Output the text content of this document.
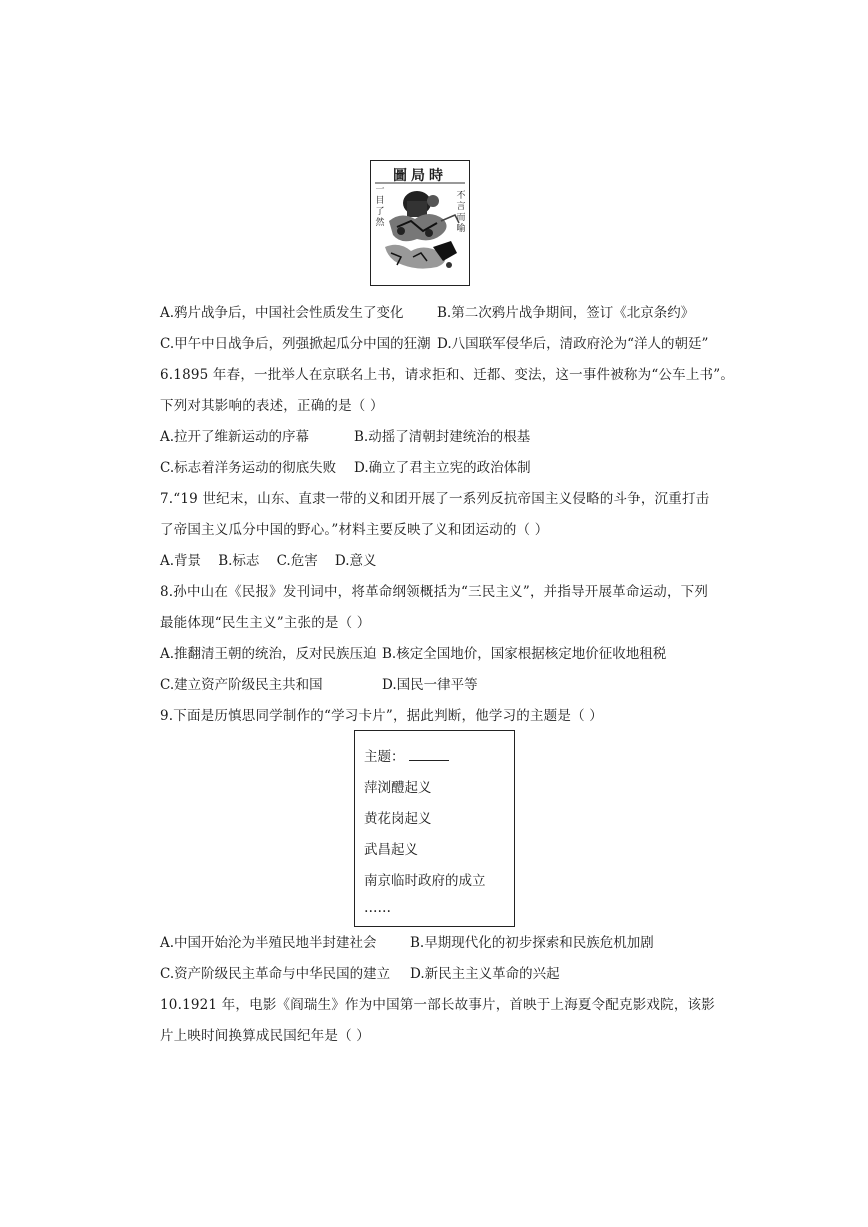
圖局時
一
目
了
然
不
言
而
喻
A.鸦片战争后，中国社会性质发生了变化 B.第二次鸦片战争期间，签订《北京条约》
C.甲午中日战争后，列强掀起瓜分中国的狂潮 D.八国联军侵华后，清政府沦为“洋人的朝廷”
6.1895 年春，一批举人在京联名上书，请求拒和、迁都、变法，这一事件被称为“公车上书”。
下列对其影响的表述，正确的是（ ）
A.拉开了维新运动的序幕	B.动摇了清朝封建统治的根基
C.标志着洋务运动的彻底失败 D.确立了君主立宪的政治体制
7.“19 世纪末，山东、直隶一带的义和团开展了一系列反抗帝国主义侵略的斗争，沉重打击
了帝国主义瓜分中国的野心。”材料主要反映了义和团运动的（ ）
A.背景    B.标志    C.危害    D.意义
8.孙中山在《民报》发刊词中，将革命纲领概括为“三民主义”，并指导开展革命运动，下列
最能体现“民生主义”主张的是（ ）
A.推翻清王朝的统治，反对民族压迫 B.核定全国地价，国家根据核定地价征收地租税
C.建立资产阶级民主共和国	D.国民一律平等
9.下面是历慎思同学制作的“学习卡片”，据此判断，他学习的主题是（ ）
主题：
萍浏醴起义
黄花岗起义
武昌起义
南京临时政府的成立
……
A.中国开始沦为半殖民地半封建社会 B.早期现代化的初步探索和民族危机加剧
C.资产阶级民主革命与中华民国的建立 D.新民主主义革命的兴起
10.1921 年，电影《阎瑞生》作为中国第一部长故事片，首映于上海夏令配克影戏院，该影
片上映时间换算成民国纪年是（ ）
